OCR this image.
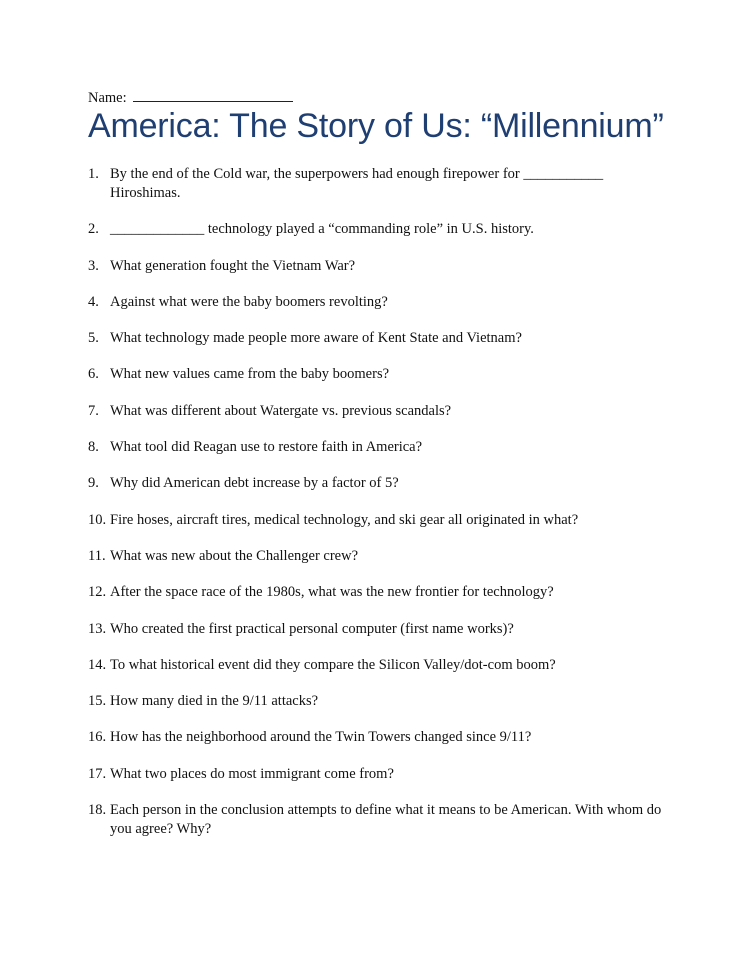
Name:
America: The Story of Us: “Millennium”
1. By the end of the Cold war, the superpowers had enough firepower for ___________ Hiroshimas.
2. _____________ technology played a “commanding role” in U.S. history.
3. What generation fought the Vietnam War?
4. Against what were the baby boomers revolting?
5. What technology made people more aware of Kent State and Vietnam?
6. What new values came from the baby boomers?
7. What was different about Watergate vs. previous scandals?
8. What tool did Reagan use to restore faith in America?
9. Why did American debt increase by a factor of 5?
10. Fire hoses, aircraft tires, medical technology, and ski gear all originated in what?
11. What was new about the Challenger crew?
12. After the space race of the 1980s, what was the new frontier for technology?
13. Who created the first practical personal computer (first name works)?
14. To what historical event did they compare the Silicon Valley/dot-com boom?
15. How many died in the 9/11 attacks?
16. How has the neighborhood around the Twin Towers changed since 9/11?
17. What two places do most immigrant come from?
18. Each person in the conclusion attempts to define what it means to be American. With whom do you agree? Why?
